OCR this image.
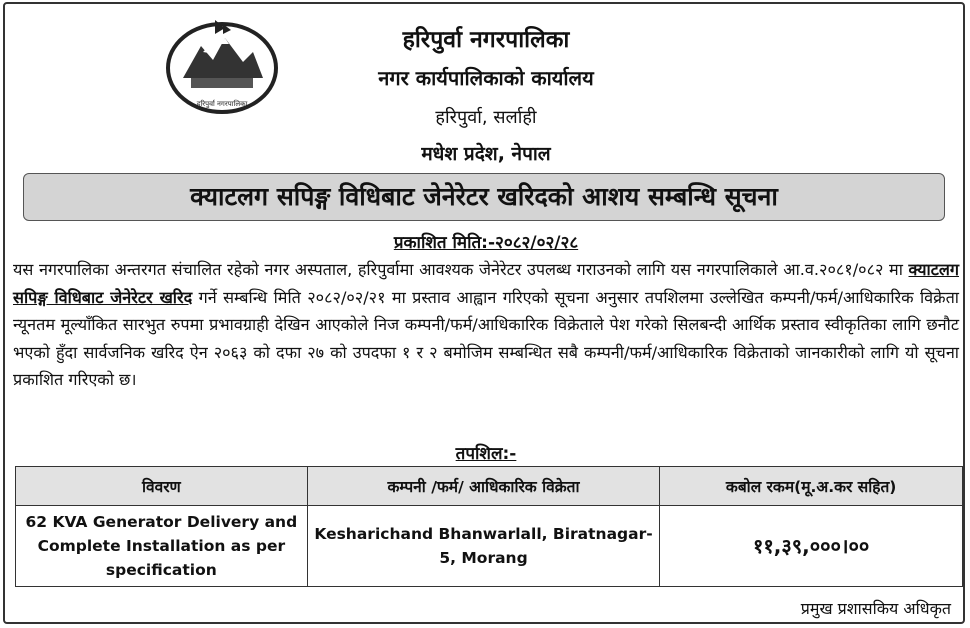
हरिपुर्वा नगरपालिका
हरिपुर्वा नगरपालिका
नगर कार्यपालिकाको कार्यालय
हरिपुर्वा, सर्लाही
मधेश प्रदेश, नेपाल
क्याटलग सपिङ्ग विधिबाट जेनेरेटर खरिदको आशय सम्बन्धि सूचना
प्रकाशित मिति:-२०८२/०२/२८
यस नगरपालिका अन्तरगत संचालित रहेको नगर अस्पताल, हरिपुर्वामा आवश्यक जेनेरेटर उपलब्ध गराउनको लागि यस नगरपालिकाले आ.व.२०८१/०८२ मा क्याटलग सपिङ्ग विधिबाट जेनेरेटर खरिद गर्ने सम्बन्धि मिति २०८२/०२/२१ मा प्रस्ताव आह्वान गरिएको सूचना अनुसार तपशिलमा उल्लेखित कम्पनी/फर्म/आधिकारिक विक्रेता न्यूनतम मूल्याँकित सारभुत रुपमा प्रभावग्राही देखिन आएकोले निज कम्पनी/फर्म/आधिकारिक विक्रेताले पेश गरेको सिलबन्दी आर्थिक प्रस्ताव स्वीकृतिका लागि छनौट भएको हुँदा सार्वजनिक खरिद ऐन २०६३ को दफा २७ को उपदफा १ र २ बमोजिम सम्बन्धित सबै कम्पनी/फर्म/आधिकारिक विक्रेताको जानकारीको लागि यो सूचना प्रकाशित गरिएको छ।
तपशिल:-
विवरण	कम्पनी /फर्म/ आधिकारिक विक्रेता	कबोल रकम(मू.अ.कर सहित)
62 KVA Generator Delivery and Complete Installation as per specification	Kesharichand Bhanwarlall, Biratnagar-5, Morang	११,३९,०००।००
प्रमुख प्रशासकिय अधिकृत
